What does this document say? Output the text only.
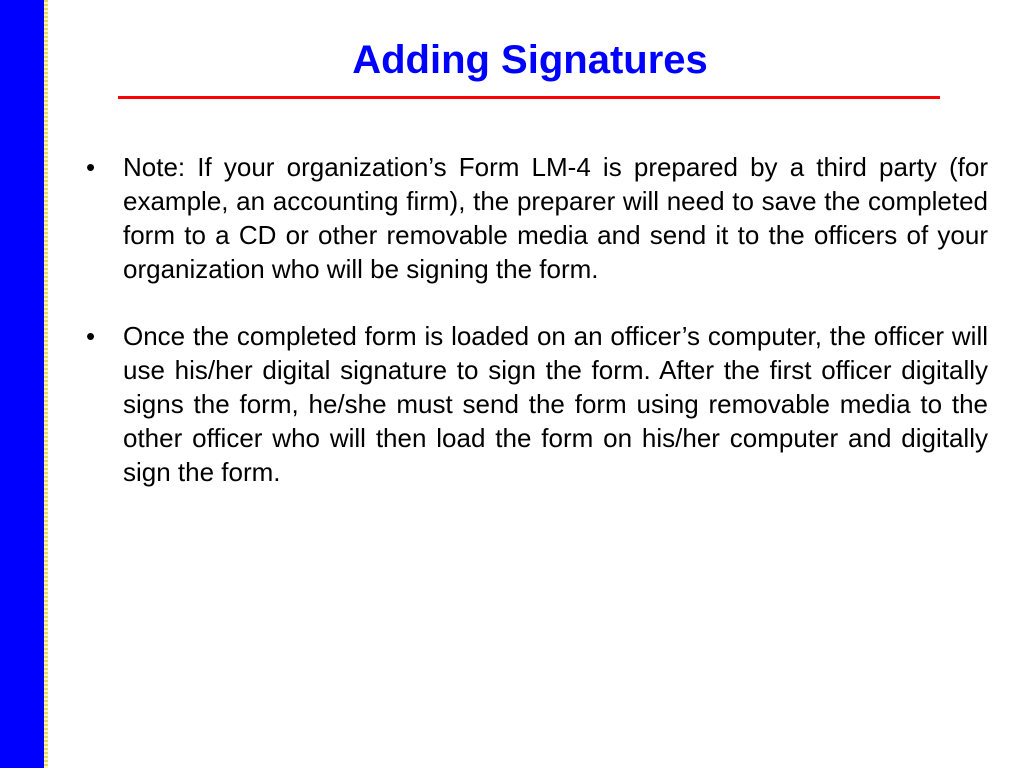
Adding Signatures
•	Note: If your organization’s Form LM-4 is prepared by a third party (for example, an accounting firm), the preparer will need to save the completed form to a CD or other removable media and send it to the officers of your organization who will be signing the form.
•	Once the completed form is loaded on an officer’s computer, the officer will use his/her digital signature to sign the form. After the first officer digitally signs the form, he/she must send the form using removable media to the other officer who will then load the form on his/her computer and digitally sign the form.
